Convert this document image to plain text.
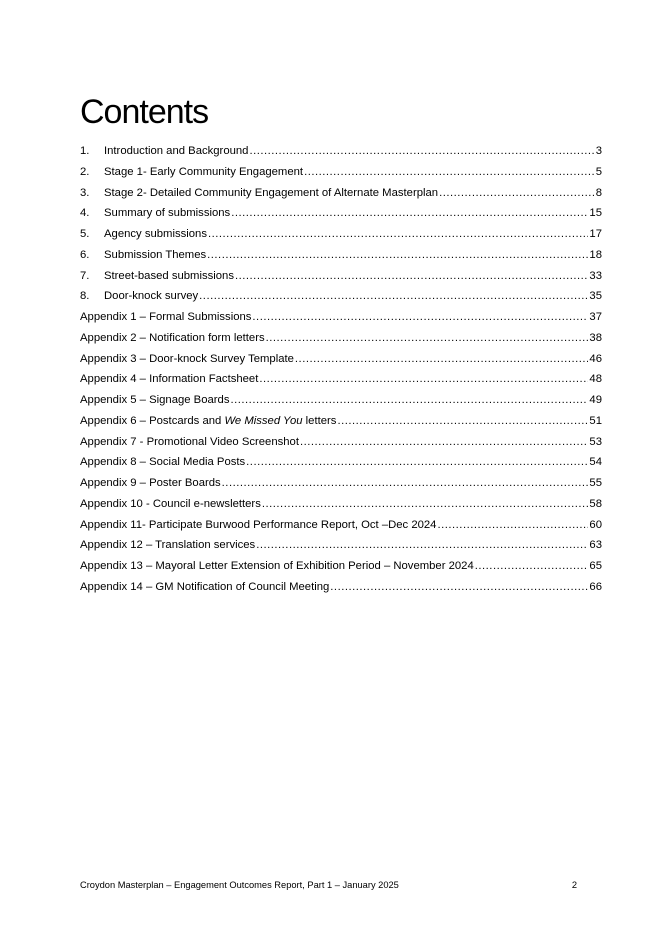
Contents
1.	Introduction and Background .....	3
2.	Stage 1- Early Community Engagement .....	5
3.	Stage 2- Detailed Community Engagement of Alternate Masterplan .....	8
4.	Summary of submissions .....	15
5.	Agency submissions .....	17
6.	Submission Themes .....	18
7.	Street-based submissions .....	33
8.	Door-knock survey .....	35
Appendix 1 – Formal Submissions .....	37
Appendix 2 – Notification form letters .....	38
Appendix 3 – Door-knock Survey Template .....	46
Appendix 4 – Information Factsheet .....	48
Appendix 5 – Signage Boards .....	49
Appendix 6 – Postcards and We Missed You letters .....	51
Appendix 7 - Promotional Video Screenshot .....	53
Appendix 8 – Social Media Posts .....	54
Appendix 9 – Poster Boards .....	55
Appendix 10 - Council e-newsletters .....	58
Appendix 11- Participate Burwood Performance Report, Oct –Dec 2024 .....	60
Appendix 12 – Translation services .....	63
Appendix 13 – Mayoral Letter Extension of Exhibition Period – November 2024 .....	65
Appendix 14 – GM Notification of Council Meeting .....	66
Croydon Masterplan – Engagement Outcomes Report, Part 1 – January 2025	2
